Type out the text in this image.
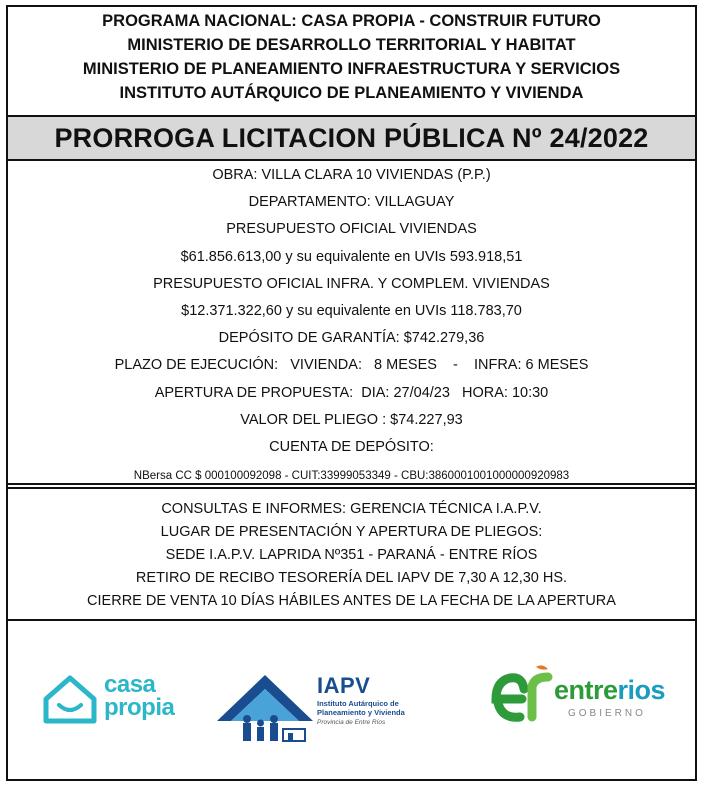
PROGRAMA NACIONAL: CASA PROPIA - CONSTRUIR FUTURO
MINISTERIO DE DESARROLLO TERRITORIAL Y HABITAT
MINISTERIO DE PLANEAMIENTO INFRAESTRUCTURA Y SERVICIOS
INSTITUTO AUTÁRQUICO DE PLANEAMIENTO Y VIVIENDA
PRORROGA LICITACION PÚBLICA Nº 24/2022
OBRA: VILLA CLARA 10 VIVIENDAS (P.P.)
DEPARTAMENTO: VILLAGUAY
PRESUPUESTO OFICIAL VIVIENDAS
$61.856.613,00 y su equivalente en UVIs 593.918,51
PRESUPUESTO OFICIAL INFRA. Y COMPLEM. VIVIENDAS
$12.371.322,60 y su equivalente en UVIs 118.783,70
DEPÓSITO DE GARANTÍA: $742.279,36
PLAZO DE EJECUCIÓN:   VIVIENDA:   8 MESES    -    INFRA: 6 MESES
APERTURA DE PROPUESTA:  DIA: 27/04/23   HORA: 10:30
VALOR DEL PLIEGO : $74.227,93
CUENTA DE DEPÓSITO:
NBersa CC $ 000100092098 - CUIT:33999053349 - CBU:3860001001000000920983
CONSULTAS E INFORMES: GERENCIA TÉCNICA I.A.P.V.
LUGAR DE PRESENTACIÓN Y APERTURA DE PLIEGOS:
SEDE I.A.P.V. LAPRIDA Nº351 - PARANÁ - ENTRE RÍOS
RETIRO DE RECIBO TESORERÍA DEL IAPV DE 7,30 A 12,30 HS.
CIERRE DE VENTA 10 DÍAS HÁBILES ANTES DE LA FECHA DE LA APERTURA
casa
propia
IAPV
Instituto Autárquico de
Planeamiento y Vivienda
Provincia de Entre Ríos
entrerios
GOBIERNO
